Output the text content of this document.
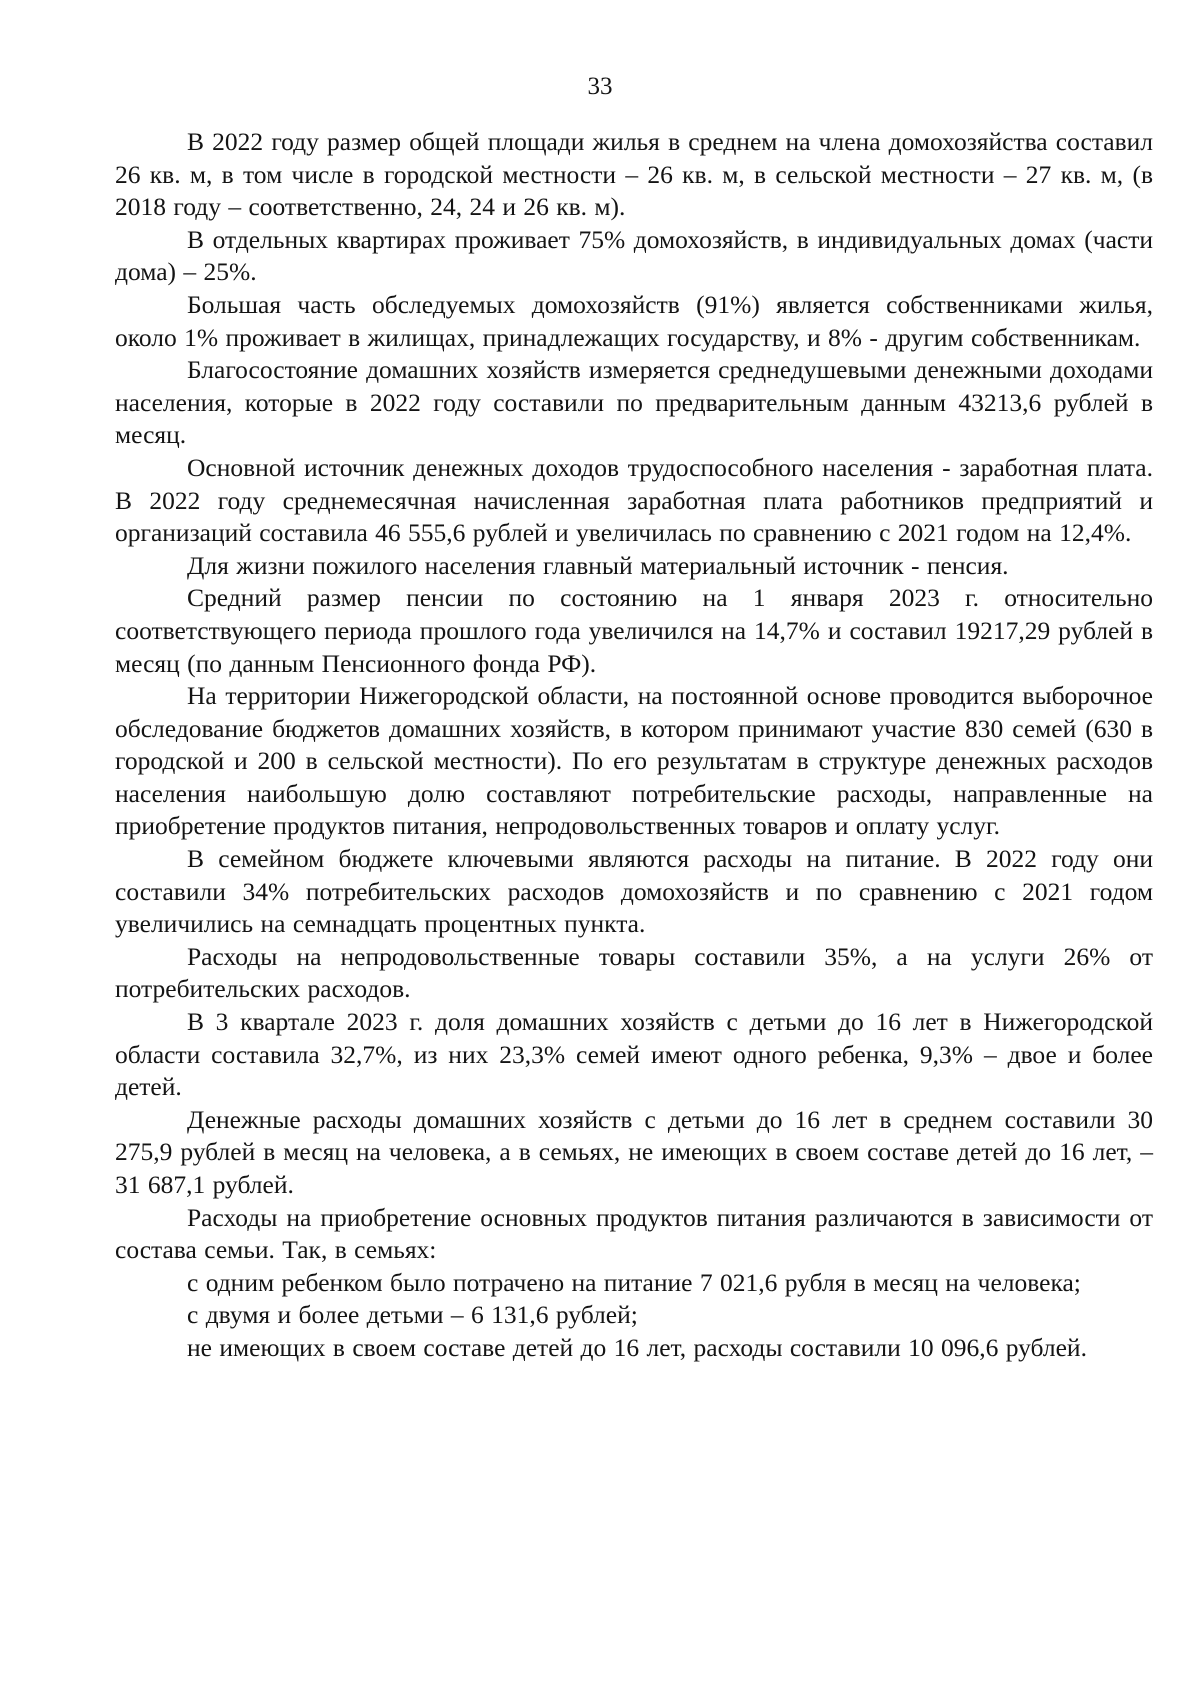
33

В 2022 году размер общей площади жилья в среднем на члена домохозяйства составил 26 кв. м, в том числе в городской местности – 26 кв. м, в сельской местности – 27 кв. м, (в 2018 году – соответственно, 24, 24 и 26 кв. м).

В отдельных квартирах проживает 75% домохозяйств, в индивидуальных домах (части дома) – 25%.

Большая часть обследуемых домохозяйств (91%) является собственниками жилья, около 1% проживает в жилищах, принадлежащих государству, и 8% - другим собственникам.

Благосостояние домашних хозяйств измеряется среднедушевыми денежными доходами населения, которые в 2022 году составили по предварительным данным 43213,6 рублей в месяц.

Основной источник денежных доходов трудоспособного населения - заработная плата. В 2022 году среднемесячная начисленная заработная плата работников предприятий и организаций составила 46 555,6 рублей и увеличилась по сравнению с 2021 годом на 12,4%.

Для жизни пожилого населения главный материальный источник - пенсия.

Средний размер пенсии по состоянию на 1 января 2023 г. относительно соответствующего периода прошлого года увеличился на 14,7% и составил 19217,29 рублей в месяц (по данным Пенсионного фонда РФ).

На территории Нижегородской области, на постоянной основе проводится выборочное обследование бюджетов домашних хозяйств, в котором принимают участие 830 семей (630 в городской и 200 в сельской местности). По его результатам в структуре денежных расходов населения наибольшую долю составляют потребительские расходы, направленные на приобретение продуктов питания, непродовольственных товаров и оплату услуг.

В семейном бюджете ключевыми являются расходы на питание. В 2022 году они составили 34% потребительских расходов домохозяйств и по сравнению с 2021 годом увеличились на семнадцать процентных пункта.

Расходы на непродовольственные товары составили 35%, а на услуги 26% от потребительских расходов.

В 3 квартале 2023 г. доля домашних хозяйств с детьми до 16 лет в Нижегородской области составила 32,7%, из них 23,3% семей имеют одного ребенка, 9,3% – двое и более детей.

Денежные расходы домашних хозяйств с детьми до 16 лет в среднем составили 30 275,9 рублей в месяц на человека, а в семьях, не имеющих в своем составе детей до 16 лет, – 31 687,1 рублей.

Расходы на приобретение основных продуктов питания различаются в зависимости от состава семьи. Так, в семьях:

с одним ребенком было потрачено на питание 7 021,6 рубля в месяц на человека;

с двумя и более детьми – 6 131,6 рублей;

не имеющих в своем составе детей до 16 лет, расходы составили 10 096,6 рублей.
